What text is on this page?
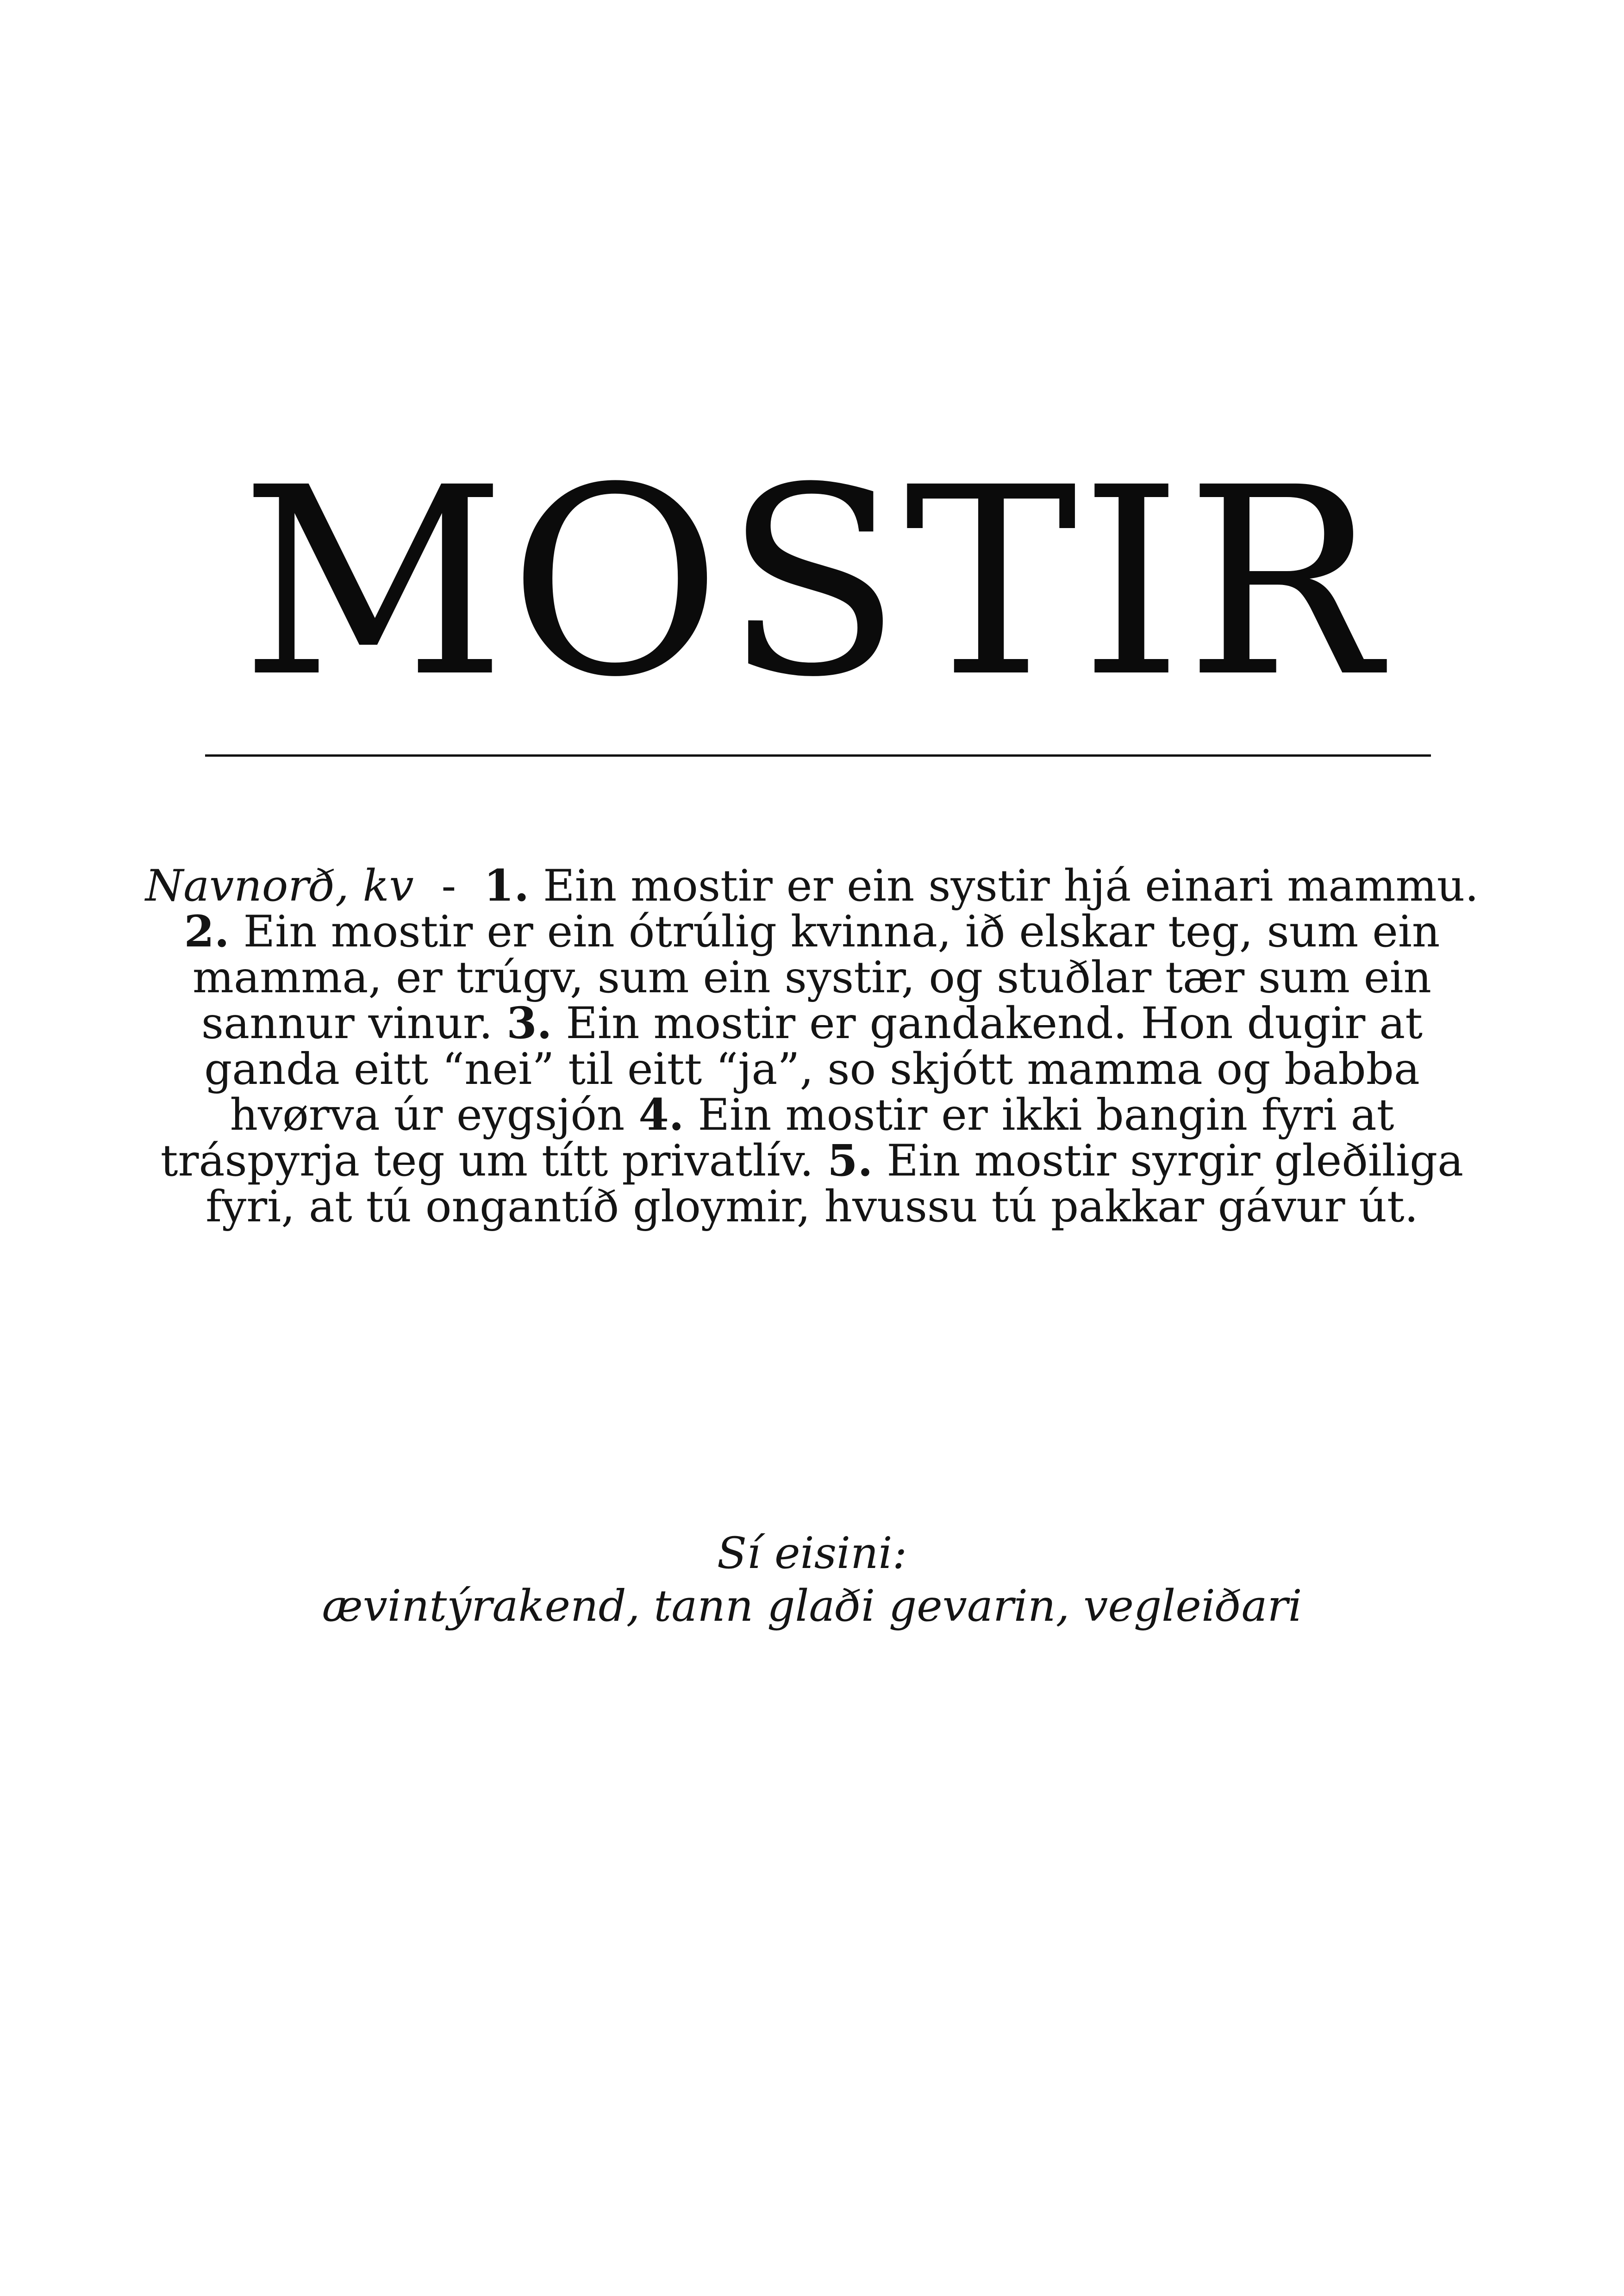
MOSTIR
Navnorð, kv  -  1. Ein mostir er ein systir hjá einari mammu.
2. Ein mostir er ein ótrúlig kvinna, ið elskar teg, sum ein
mamma, er trúgv, sum ein systir, og stuðlar tær sum ein
sannur vinur. 3. Ein mostir er gandakend. Hon dugir at
ganda eitt “nei” til eitt “ja”, so skjótt mamma og babba
hvørva úr eygsjón 4. Ein mostir er ikki bangin fyri at
tráspyrja teg um títt privatlív. 5. Ein mostir syrgir gleðiliga
fyri, at tú ongantíð gloymir, hvussu tú pakkar gávur út.
Sí eisini:
ævintýrakend, tann glaði gevarin, vegleiðari
